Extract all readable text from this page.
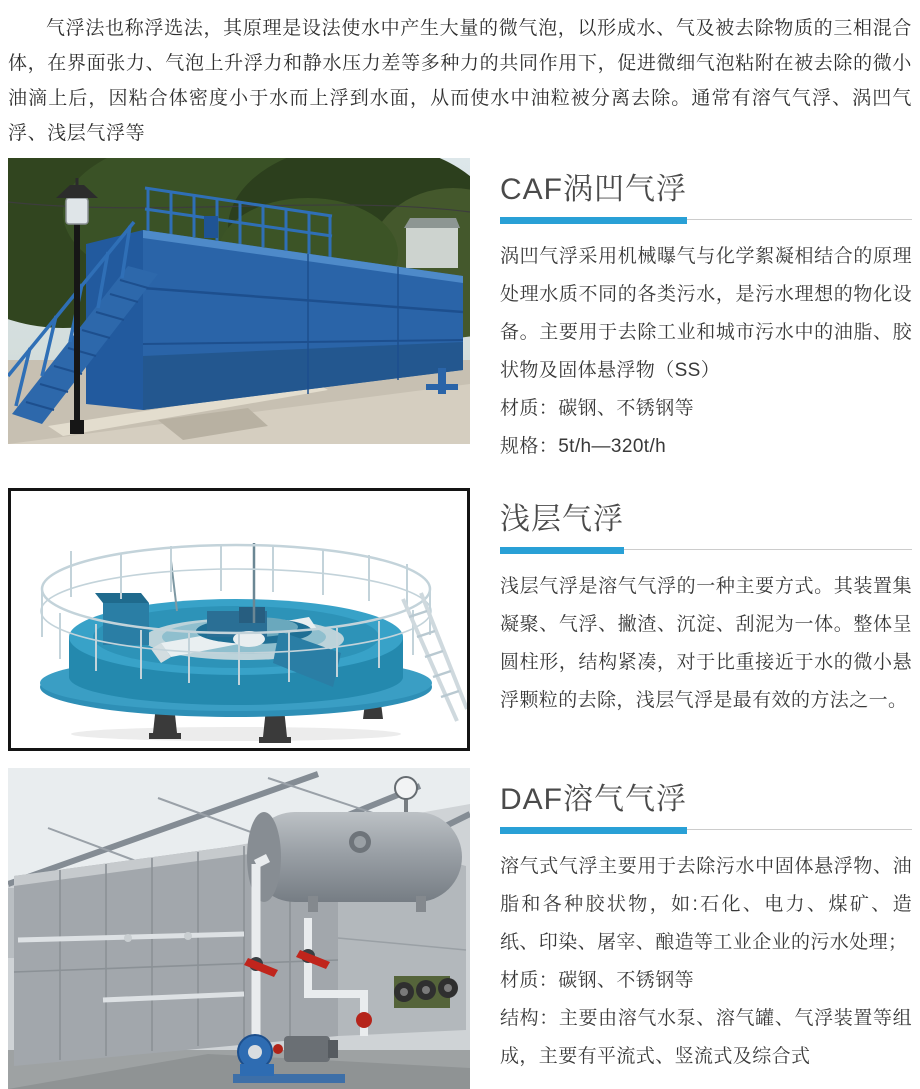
气浮法也称浮选法，其原理是设法使水中产生大量的微气泡，以形成水、气及被去除物质的三相混合体，在界面张力、气泡上升浮力和静水压力差等多种力的共同作用下，促进微细气泡粘附在被去除的微小油滴上后，因粘合体密度小于水而上浮到水面，从而使水中油粒被分离去除。通常有溶气气浮、涡凹气浮、浅层气浮等

CAF涡凹气浮

涡凹气浮采用机械曝气与化学絮凝相结合的原理处理水质不同的各类污水，是污水理想的物化设备。主要用于去除工业和城市污水中的油脂、胶状物及固体悬浮物（SS）

材质：碳钢、不锈钢等

规格：5t/h—320t/h

浅层气浮

浅层气浮是溶气气浮的一种主要方式。其装置集凝聚、气浮、撇渣、沉淀、刮泥为一体。整体呈圆柱形，结构紧凑，对于比重接近于水的微小悬浮颗粒的去除，浅层气浮是最有效的方法之一。

DAF溶气气浮

溶气式气浮主要用于去除污水中固体悬浮物、油脂和各种胶状物，如:石化、电力、煤矿、造纸、印染、屠宰、酿造等工业企业的污水处理；

材质：碳钢、不锈钢等

结构：主要由溶气水泵、溶气罐、气浮装置等组成，主要有平流式、竖流式及综合式
